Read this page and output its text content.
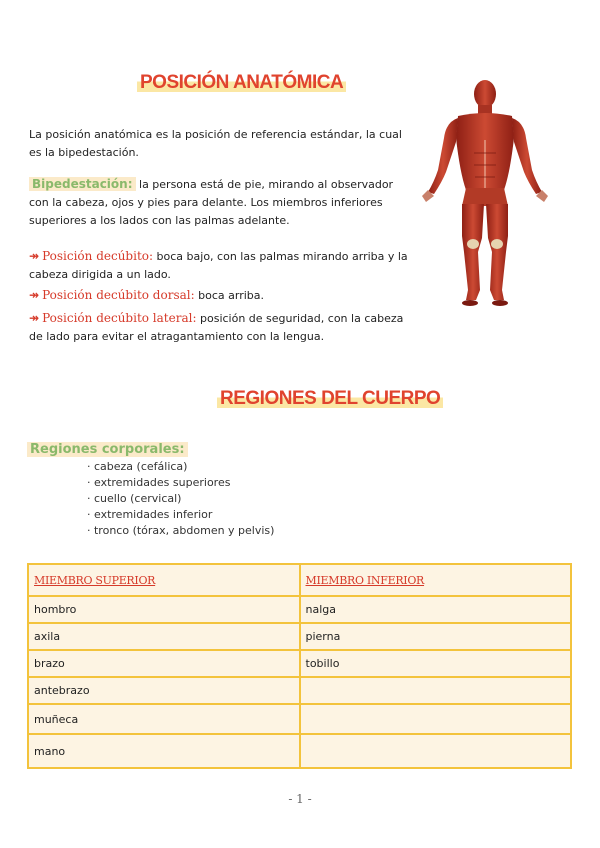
POSICIÓN ANATÓMICA
La posición anatómica es la posición de referencia estándar, la cual es la bipedestación.
Bipedestación: la persona está de pie, mirando al observador con la cabeza, ojos y pies para delante. Los miembros inferiores superiores a los lados con las palmas adelante.
↠ Posición decúbito: boca bajo, con las palmas mirando arriba y la cabeza dirigida a un lado.
↠ Posición decúbito dorsal: boca arriba.
↠ Posición decúbito lateral: posición de seguridad, con la cabeza de lado para evitar el atragantamiento con la lengua.
REGIONES DEL CUERPO
Regiones corporales:
· cabeza (cefálica)
· extremidades superiores
· cuello (cervical)
· extremidades inferior
· tronco (tórax, abdomen y pelvis)
MIEMBRO SUPERIOR	MIEMBRO INFERIOR
hombro	nalga
axila	pierna
brazo	tobillo
antebrazo	
muñeca	
mano	
- 1 -
